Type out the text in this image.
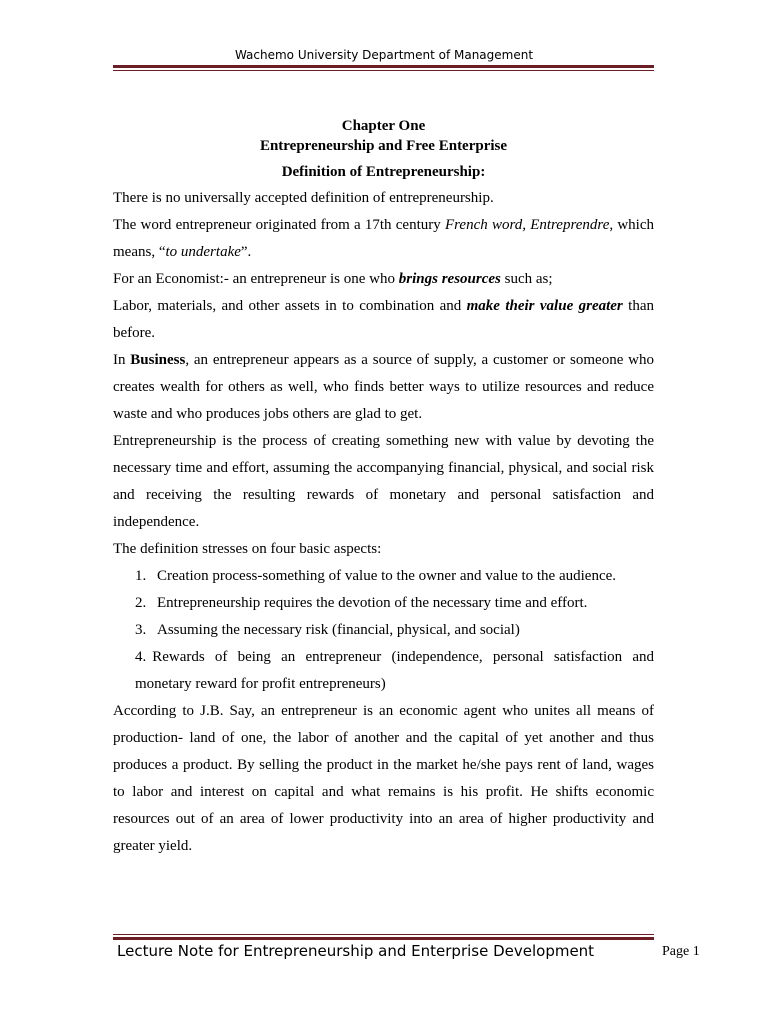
Wachemo University Department of Management
Chapter One
Entrepreneurship and Free Enterprise
Definition of Entrepreneurship:

There is no universally accepted definition of entrepreneurship.

The word entrepreneur originated from a 17th century French word, Entreprendre, which means, “to undertake”.

For an Economist:- an entrepreneur is one who brings resources such as;

Labor, materials, and other assets in to combination and make their value greater than before.

In Business, an entrepreneur appears as a source of supply, a customer or someone who creates wealth for others as well, who finds better ways to utilize resources and reduce waste and who produces jobs others are glad to get.

Entrepreneurship is the process of creating something new with value by devoting the necessary time and effort, assuming the accompanying financial, physical, and social risk and receiving the resulting rewards of monetary and personal satisfaction and independence.

The definition stresses on four basic aspects:

1. Creation process-something of value to the owner and value to the audience.
2. Entrepreneurship requires the devotion of the necessary time and effort.
3. Assuming the necessary risk (financial, physical, and social)
4. Rewards of being an entrepreneur (independence, personal satisfaction and monetary reward for profit entrepreneurs)

According to J.B. Say, an entrepreneur is an economic agent who unites all means of production- land of one, the labor of another and the capital of yet another and thus produces a product. By selling the product in the market he/she pays rent of land, wages to labor and interest on capital and what remains is his profit. He shifts economic resources out of an area of lower productivity into an area of higher productivity and greater yield.

Lecture Note for Entrepreneurship and Enterprise Development	Page 1
